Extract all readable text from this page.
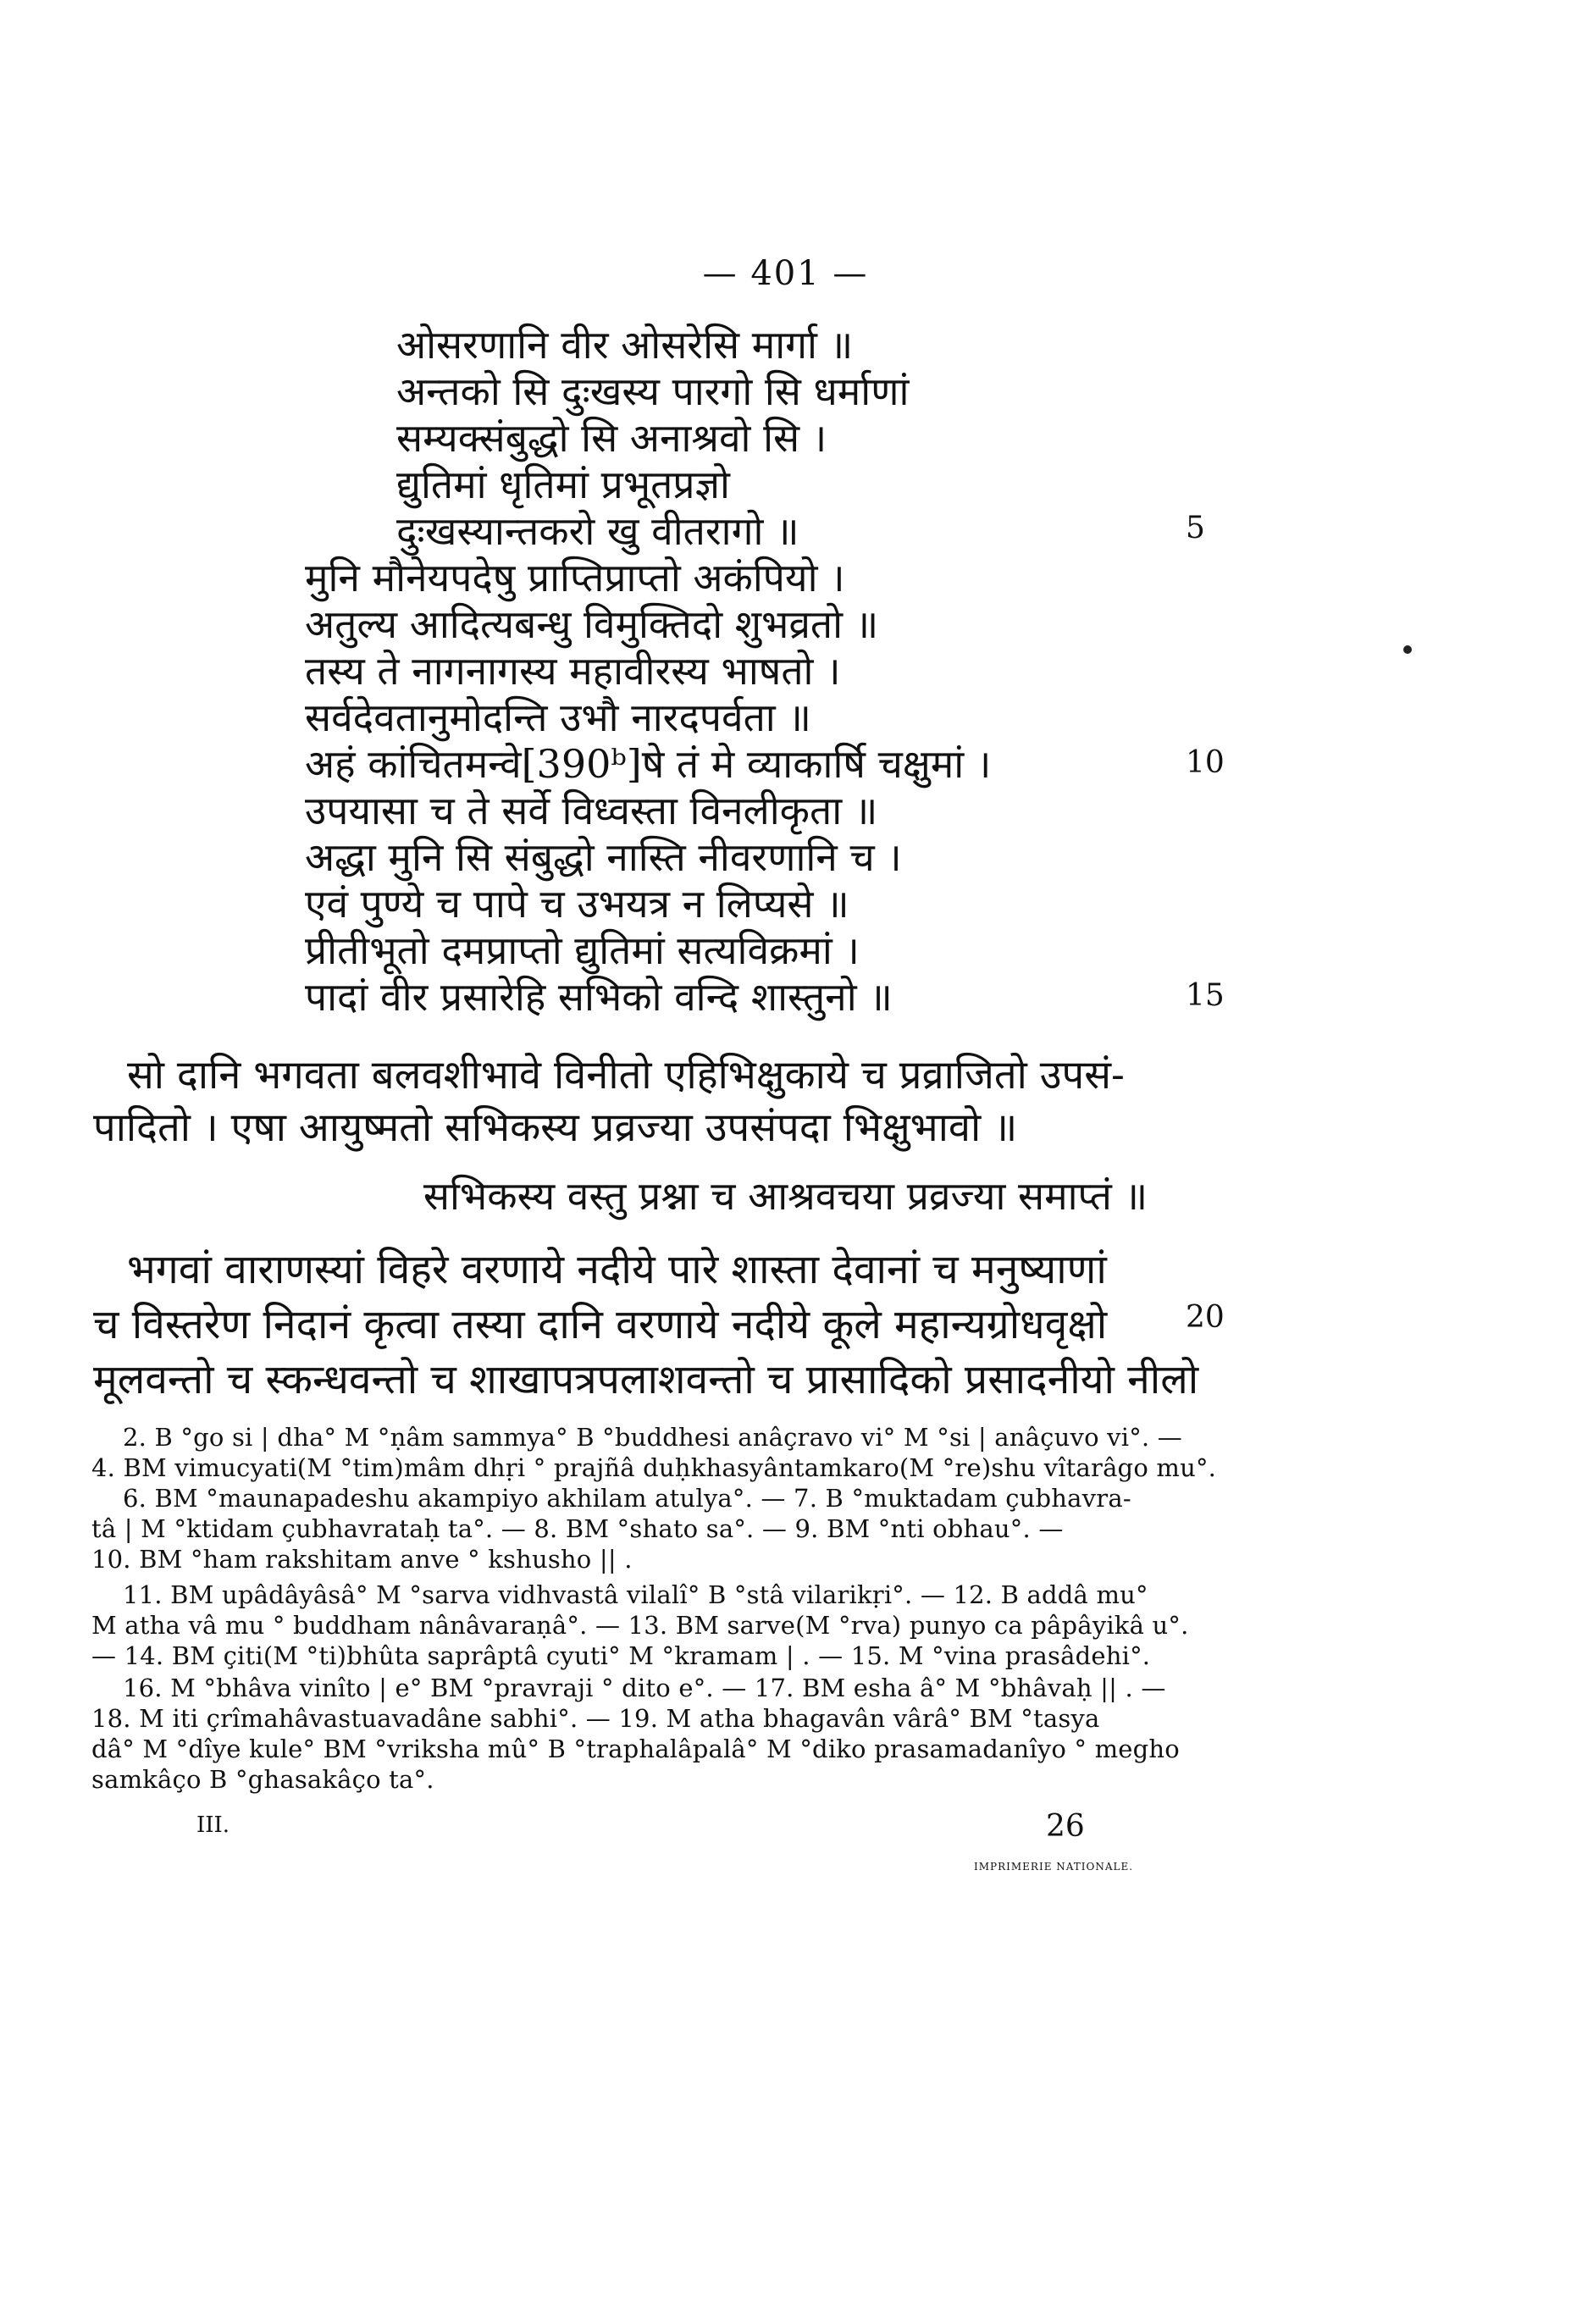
— 401 —
ओसरणानि वीर ओसरेसि मार्गा ॥
अन्तको सि दुःखस्य पारगो सि धर्माणां
सम्यक्संबुद्धो सि अनाश्रवो सि ।
द्युतिमां धृतिमां प्रभूतप्रज्ञो
दुःखस्यान्तकरो खु वीतरागो ॥
मुनि मौनेयपदेषु प्राप्तिप्राप्तो अकंपियो ।
अतुल्य आदित्यबन्धु विमुक्तिदो शुभव्रतो ॥
तस्य ते नागनागस्य महावीरस्य भाषतो ।
सर्वदेवतानुमोदन्ति उभौ नारदपर्वता ॥
अहं कांचितमन्वे[390ᵇ]षे तं मे व्याकार्षि चक्षुमां ।
उपयासा च ते सर्वे विध्वस्ता विनलीकृता ॥
अद्धा मुनि सि संबुद्धो नास्ति नीवरणानि च ।
एवं पुण्ये च पापे च उभयत्र न लिप्यसे ॥
प्रीतीभूतो दमप्राप्तो द्युतिमां सत्यविक्रमां ।
पादां वीर प्रसारेहि सभिको वन्दि शास्तुनो ॥
5
10
15
20
सो दानि भगवता बलवशीभावे विनीतो एहिभिक्षुकाये च प्रव्राजितो उपसं-
पादितो । एषा आयुष्मतो सभिकस्य प्रव्रज्या उपसंपदा भिक्षुभावो ॥
सभिकस्य वस्तु प्रश्ना च आश्रवचया प्रव्रज्या समाप्तं ॥
भगवां वाराणस्यां विहरे वरणाये नदीये पारे शास्ता देवानां च मनुष्याणां
च विस्तरेण निदानं कृत्वा तस्या दानि वरणाये नदीये कूले महान्यग्रोधवृक्षो
मूलवन्तो च स्कन्धवन्तो च शाखापत्रपलाशवन्तो च प्रासादिको प्रसादनीयो नीलो
2. B °go si | dha° M °ṇâm sammya° B °buddhesi anâçravo vi° M °si | anâçuvo vi°. —
4. BM vimucyati(M °tim)mâm dhṛi ° prajñâ duḥkhasyântamkaro(M °re)shu vîtarâgo mu°.
6. BM °maunapadeshu akampiyo akhilam atulya°. — 7. B °muktadam çubhavra-
tâ | M °ktidam çubhavrataḥ ta°. — 8. BM °shato sa°. — 9. BM °nti obhau°. —
10. BM °ham rakshitam anve ° kshusho || .
11. BM upâdâyâsâ° M °sarva vidhvastâ vilalî° B °stâ vilarikṛi°. — 12. B addâ mu°
M atha vâ mu ° buddham nânâvaraṇâ°. — 13. BM sarve(M °rva) punyo ca pâpâyikâ u°.
— 14. BM çiti(M °ti)bhûta saprâptâ cyuti° M °kramam | . — 15. M °vina prasâdehi°.
16. M °bhâva vinîto | e° BM °pravraji ° dito e°. — 17. BM esha â° M °bhâvaḥ || . —
18. M iti çrîmahâvastuavadâne sabhi°. — 19. M atha bhagavân vârâ° BM °tasya
dâ° M °dîye kule° BM °vriksha mû° B °traphalâpalâ° M °diko prasamadanîyo ° megho
samkâço B °ghasakâço ta°.
III.	26
IMPRIMERIE NATIONALE.
